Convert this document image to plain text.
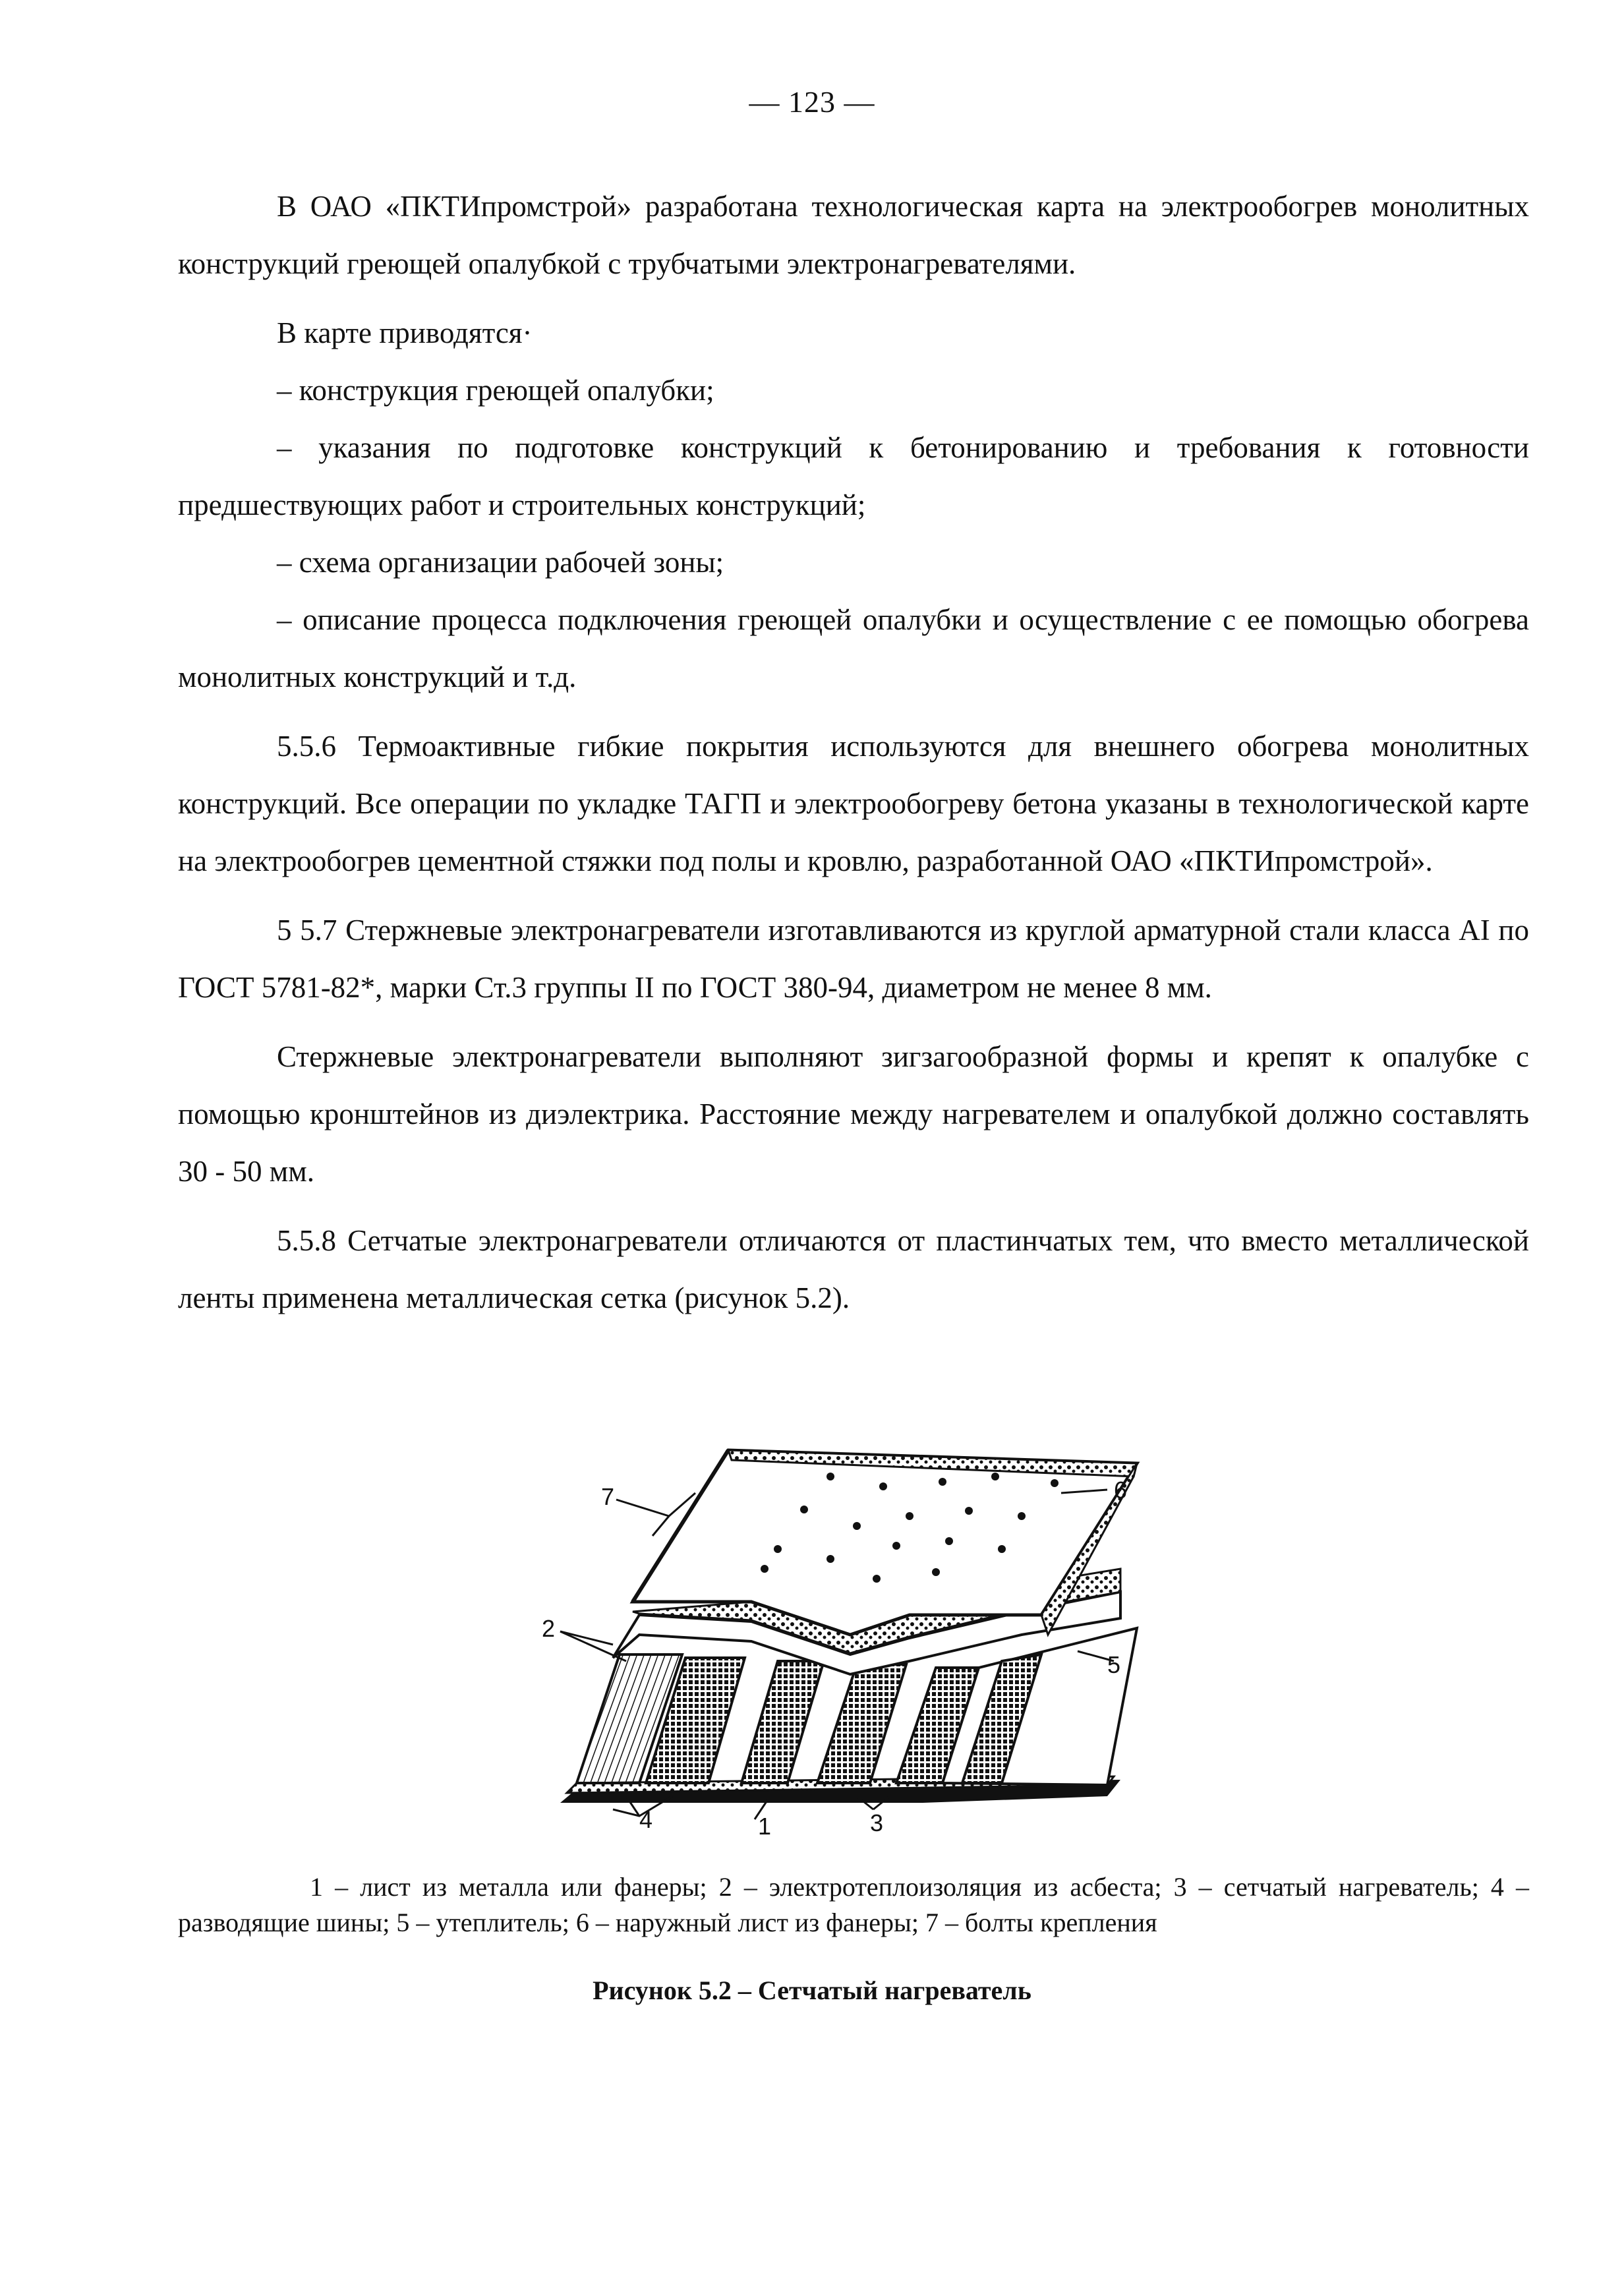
— 123 —

В ОАО «ПКТИпромстрой» разработана технологическая карта на электрообогрев монолитных конструкций греющей опалубкой с трубчатыми электронагревателями.

В карте приводятся·

– конструкция греющей опалубки;

– указания по подготовке конструкций к бетонированию и требования к готовности предшествующих работ и строительных конструкций;

– схема организации рабочей зоны;

– описание процесса подключения греющей опалубки и осуществление с ее помощью обогрева монолитных конструкций и т.д.

5.5.6 Термоактивные гибкие покрытия используются для внешнего обогрева монолитных конструкций. Все операции по укладке ТАГП и электрообогреву бетона указаны в технологической карте на электрообогрев цементной стяжки под полы и кровлю, разработанной ОАО «ПКТИпромстрой».

5 5.7 Стержневые электронагреватели изготавливаются из круглой арматурной стали класса AI по ГОСТ 5781-82*, марки Ст.3 группы II по ГОСТ 380-94, диаметром не менее 8 мм.

Стержневые электронагреватели выполняют зигзагообразной формы и крепят к опалубке с помощью кронштейнов из диэлектрика. Расстояние между нагревателем и опалубкой должно составлять 30 - 50 мм.

5.5.8 Сетчатые электронагреватели отличаются от пластинчатых тем, что вместо металлической ленты применена металлическая сетка (рисунок 5.2).

7	6
2
5
4	1	3
1 – лист из металла или фанеры; 2 – электротеплоизоляция из асбеста; 3 – сетчатый нагреватель; 4 – разводящие шины; 5 – утеплитель; 6 – наружный лист из фанеры; 7 – болты крепления
Рисунок 5.2 – Сетчатый нагреватель
